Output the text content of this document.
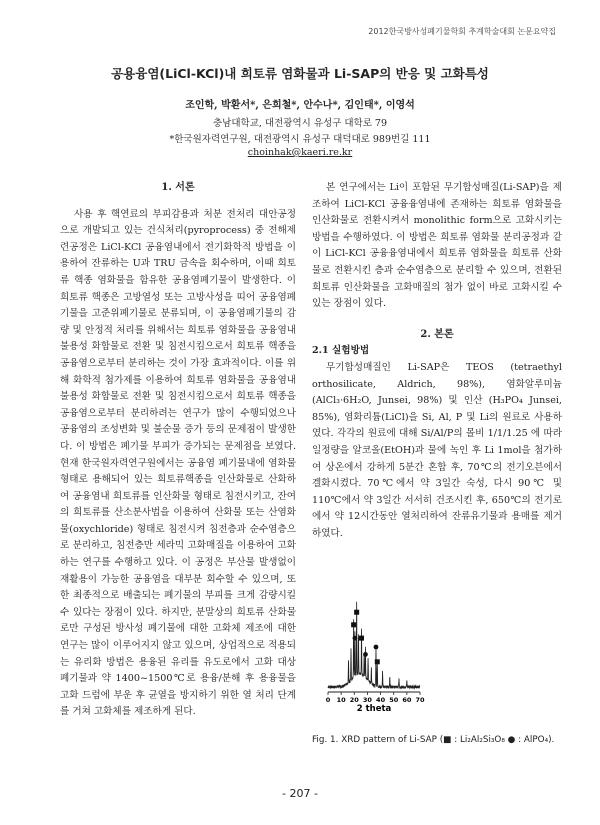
2012한국방사성폐기물학회 추계학술대회 논문요약집
공용융염(LiCl-KCl)내 희토류 염화물과 Li-SAP의 반응 및 고화특성
조인학, 박환서*, 은희철*, 안수나*, 김인태*, 이영석
충남대학교, 대전광역시 유성구 대학로 79
*한국원자력연구원, 대전광역시 유성구 대덕대로 989번길 111
choinhak@kaeri.re.kr

1. 서론

사용 후 핵연료의 부피감용과 처분 전처리 대안공정으로 개발되고 있는 건식처리(pyroprocess) 중 전해제련공정은 LiCl-KCl 공융염내에서 전기화학적 방법을 이용하여 잔류하는 U과 TRU 금속을 회수하며, 이때 희토류 핵종 염화물을 함유한 공융염폐기물이 발생한다. 이 희토류 핵종은 고방열성 또는 고방사성을 띠어 공융염폐기물을 고준위폐기물로 분류되며, 이 공융염폐기물의 감량 및 안정적 처리를 위해서는 희토류 염화물을 공융염내 불용성 화합물로 전환 및 침전시킴으로서 희토류 핵종을 공융염으로부터 분리하는 것이 가장 효과적이다. 이를 위해 화학적 첨가제를 이용하여 희토류 염화물을 공융염내 불용성 화합물로 전환 및 침전시킴으로서 희토류 핵종을 공융염으로부터 분리하려는 연구가 많이 수행되었으나 공융염의 조성변화 및 불순물 증가 등의 문제점이 발생한다. 이 방법은 폐기물 부피가 증가되는 문제점을 보였다. 현재 한국원자력연구원에서는 공융염 폐기물내에 염화물 형태로 용해되어 있는 희토류핵종을 인산화물로 산화하여 공융염내 희토류를 인산화물 형태로 침전시키고, 잔여의 희토류를 산소분사법을 이용하여 산화물 또는 산염화물(oxychloride) 형태로 침전시켜 침전층과 순수염층으로 분리하고, 침전층만 세라믹 고화매질을 이용하여 고화하는 연구를 수행하고 있다. 이 공정은 부산물 발생없이 재활용이 가능한 공융염을 대부분 회수할 수 있으며, 또한 최종적으로 배출되는 폐기물의 부피를 크게 감량시킬 수 있다는 장점이 있다. 하지만, 분말상의 희토류 산화물로만 구성된 방사성 폐기물에 대한 고화체 제조에 대한 연구는 많이 이루어지지 않고 있으며, 상업적으로 적용되는 유리화 방법은 용융된 유리를 유도로에서 고화 대상 폐기물과 약 1400~1500℃로 용융/분해 후 용융물을 고화 드럼에 부운 후 균열을 방지하기 위한 열 처리 단계를 거쳐 고화체를 제조하게 된다.

본 연구에서는 Li이 포함된 무기합성매질(Li-SAP)을 제조하여 LiCl-KCl 공융융염내에 존재하는 희토류 염화물을 인산화물로 전환시켜서 monolithic form으로 고화시키는 방법을 수행하였다. 이 방법은 희토류 염화물 분리공정과 같이 LiCl-KCl 공융융염내에서 희토류 염화물을 희토류 산화물로 전환시킨 층과 순수염층으로 분리할 수 있으며, 전환된 희토류 인산화물을 고화매질의 첨가 없이 바로 고화시킬 수 있는 장점이 있다.

2. 본론

2.1 실험방법

무기합성매질인 Li-SAP은 TEOS (tetraethyl orthosilicate, Aldrich, 98%), 염화알루미늄 (AlCl₃·6H₂O, Junsei, 98%) 및 인산 (H₃PO₄ Junsei, 85%), 염화리튬(LiCl)을 Si, Al, P 및 Li의 원료로 사용하였다. 각각의 원료에 대해 Si/Al/P의 몰비 1/1/1.25 에 따라 일정량을 알코올(EtOH)과 물에 녹인 후 Li 1mol을 첨가하여 상온에서 강하게 5분간 혼합 후, 70℃의 전기오븐에서 겔화시켰다. 70℃에서 약 3일간 숙성, 다시 90℃ 및 110℃에서 약 3일간 서서히 건조시킨 후, 650℃의 전기로에서 약 12시간동안 열처리하여 잔류유기물과 용매를 제거하였다.

0 10 20 30 40 50 60 70
2 theta
Fig. 1. XRD pattern of Li-SAP (■ : Li₂Al₂Si₃O₈ ● : AlPO₄).
- 207 -
